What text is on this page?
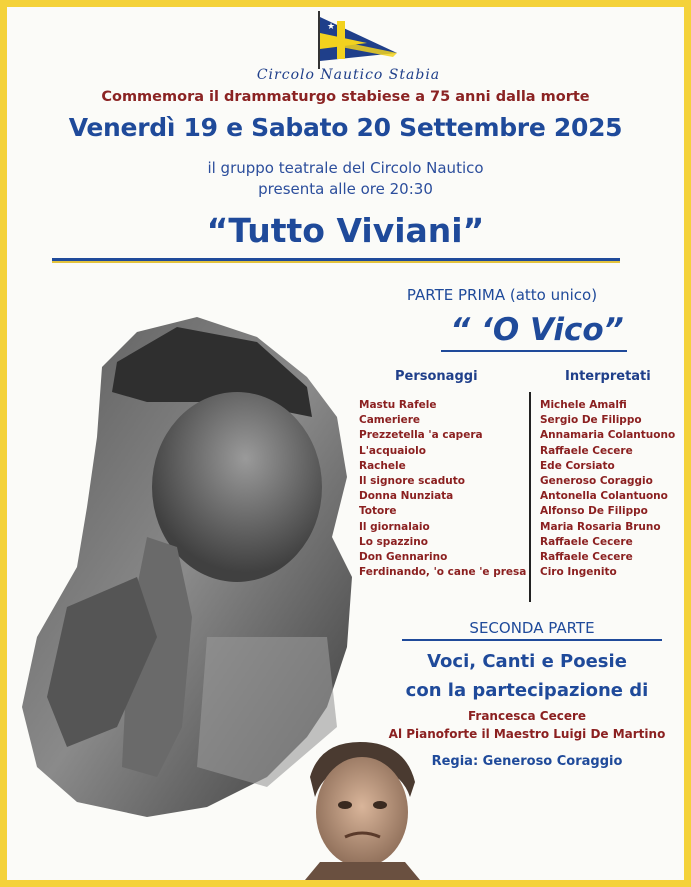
★
Circolo Nautico Stabia
Commemora il drammaturgo stabiese a 75 anni dalla morte
Venerdì 19 e Sabato 20 Settembre 2025
il gruppo teatrale del Circolo Nautico
presenta alle ore 20:30
“Tutto Viviani”
PARTE PRIMA (atto unico)
“ ‘O Vico”
Personaggi	Interpretati
Mastu Rafele
Cameriere
Prezzetella 'a capera
L'acquaiolo
Rachele
Il signore scaduto
Donna Nunziata
Totore
Il giornalaio
Lo spazzino
Don Gennarino
Ferdinando, 'o cane 'e presa
Michele Amalfi
Sergio De Filippo
Annamaria Colantuono
Raffaele Cecere
Ede Corsiato
Generoso Coraggio
Antonella Colantuono
Alfonso De Filippo
Maria Rosaria Bruno
Raffaele Cecere
Raffaele Cecere
Ciro Ingenito
SECONDA PARTE
Voci, Canti e Poesie
con la partecipazione di
Francesca Cecere
Al Pianoforte il Maestro Luigi De Martino
Regia: Generoso Coraggio
